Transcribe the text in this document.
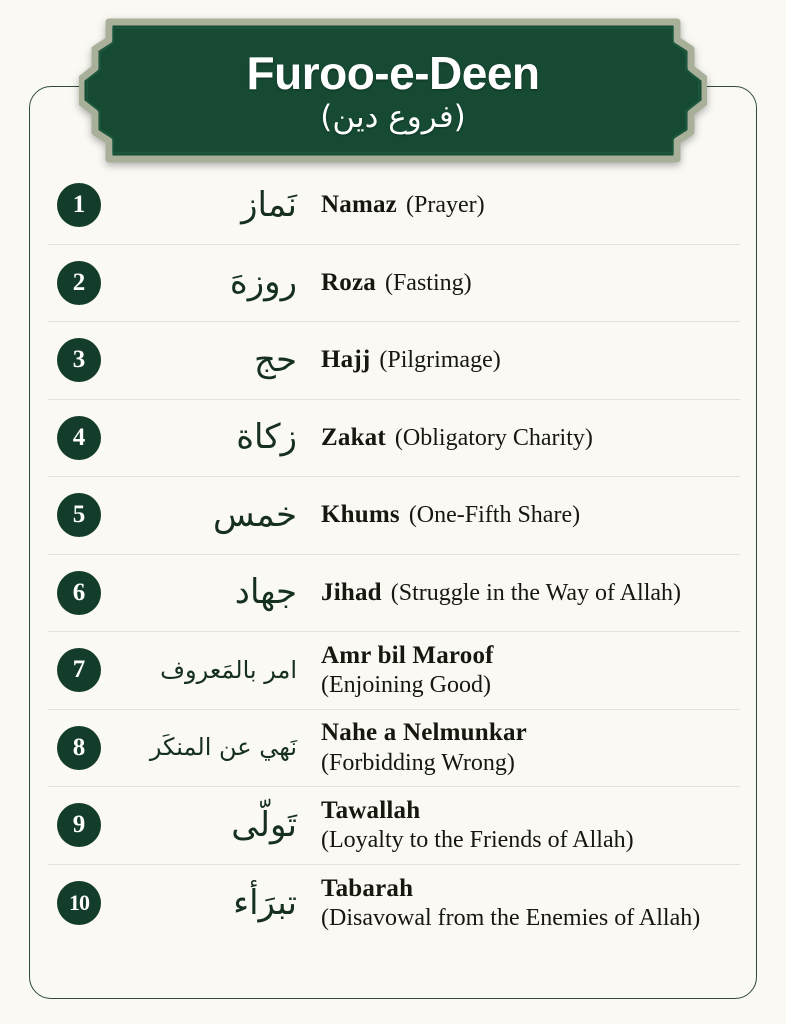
Furoo-e-Deen
(فروع دین)
1	نَماز Namaz (Prayer)
2	روزهَ Roza (Fasting)
3	حج Hajj (Pilgrimage)
4	زكاة Zakat (Obligatory Charity)
5	خمس Khums (One-Fifth Share)
6	جهاد Jihad (Struggle in the Way of Allah)
7	امر بالمَعروف
Amr bil Maroof
(Enjoining Good)
8	نَهي عن المنكَر
Nahe a Nelmunkar
(Forbidding Wrong)
9	تَولّى Tawallah
(Loyalty to the Friends of Allah)
10	تبرَأء Tabarah
(Disavowal from the Enemies of Allah)
